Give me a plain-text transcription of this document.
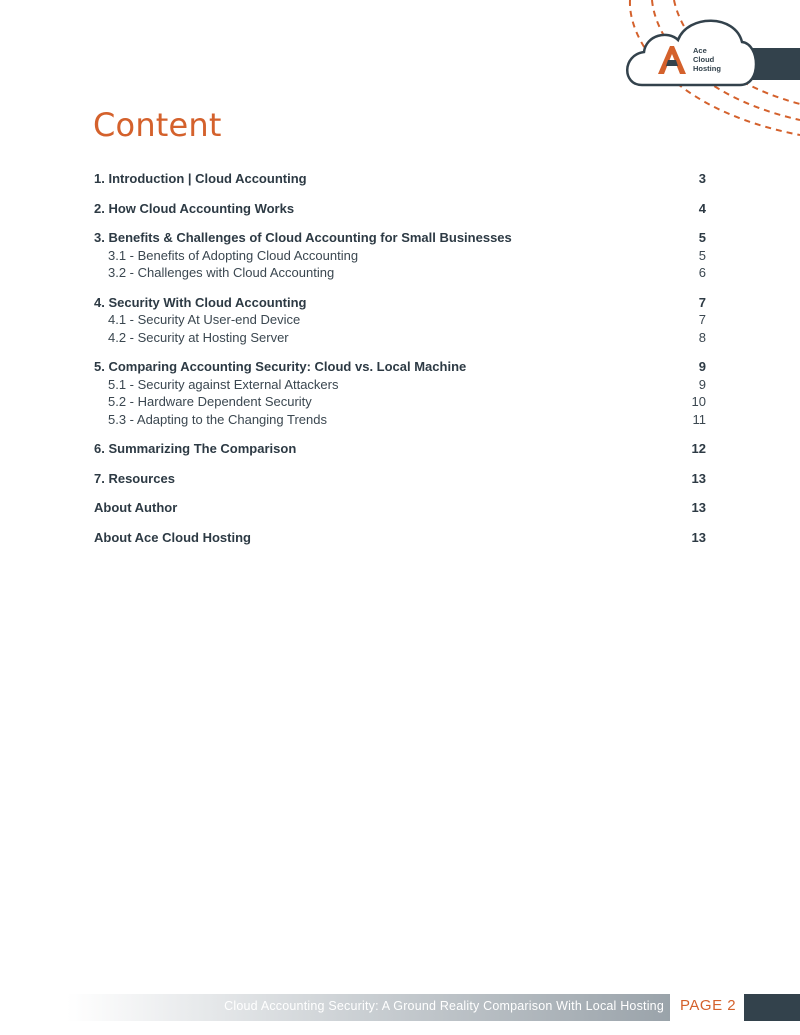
Ace
Cloud
Hosting
Content
1. Introduction | Cloud Accounting	3
2. How Cloud Accounting Works	4
3. Benefits & Challenges of Cloud Accounting for Small Businesses	5
3.1 - Benefits of Adopting Cloud Accounting	5
3.2 - Challenges with Cloud Accounting	6
4. Security With Cloud Accounting	7
4.1 - Security At User-end Device	7
4.2 - Security at Hosting Server	8
5. Comparing Accounting Security: Cloud vs. Local Machine	9
5.1 - Security against External Attackers	9
5.2 - Hardware Dependent Security	10
5.3 - Adapting to the Changing Trends	11
6. Summarizing The Comparison	12
7. Resources	13
About Author	13
About Ace Cloud Hosting	13
Cloud Accounting Security: A Ground Reality Comparison With Local Hosting PAGE 2
